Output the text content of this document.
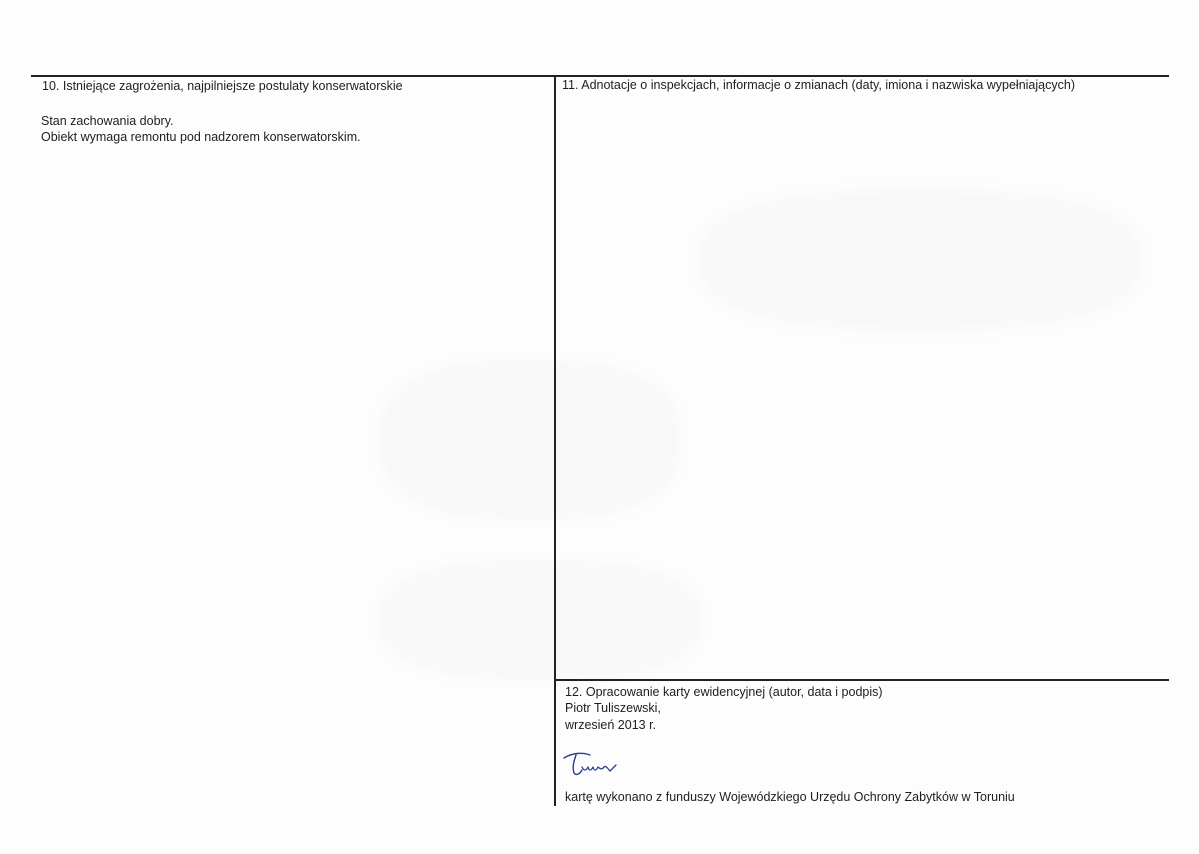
10. Istniejące zagrożenia, najpilniejsze postulaty konserwatorskie
Stan zachowania dobry.
Obiekt wymaga remontu pod nadzorem konserwatorskim.
11. Adnotacje o inspekcjach, informacje o zmianach (daty, imiona i nazwiska wypełniających)
12. Opracowanie karty ewidencyjnej (autor, data i podpis)
Piotr Tuliszewski,
wrzesień 2013 r.
kartę wykonano z funduszy Wojewódzkiego Urzędu Ochrony Zabytków w Toruniu
